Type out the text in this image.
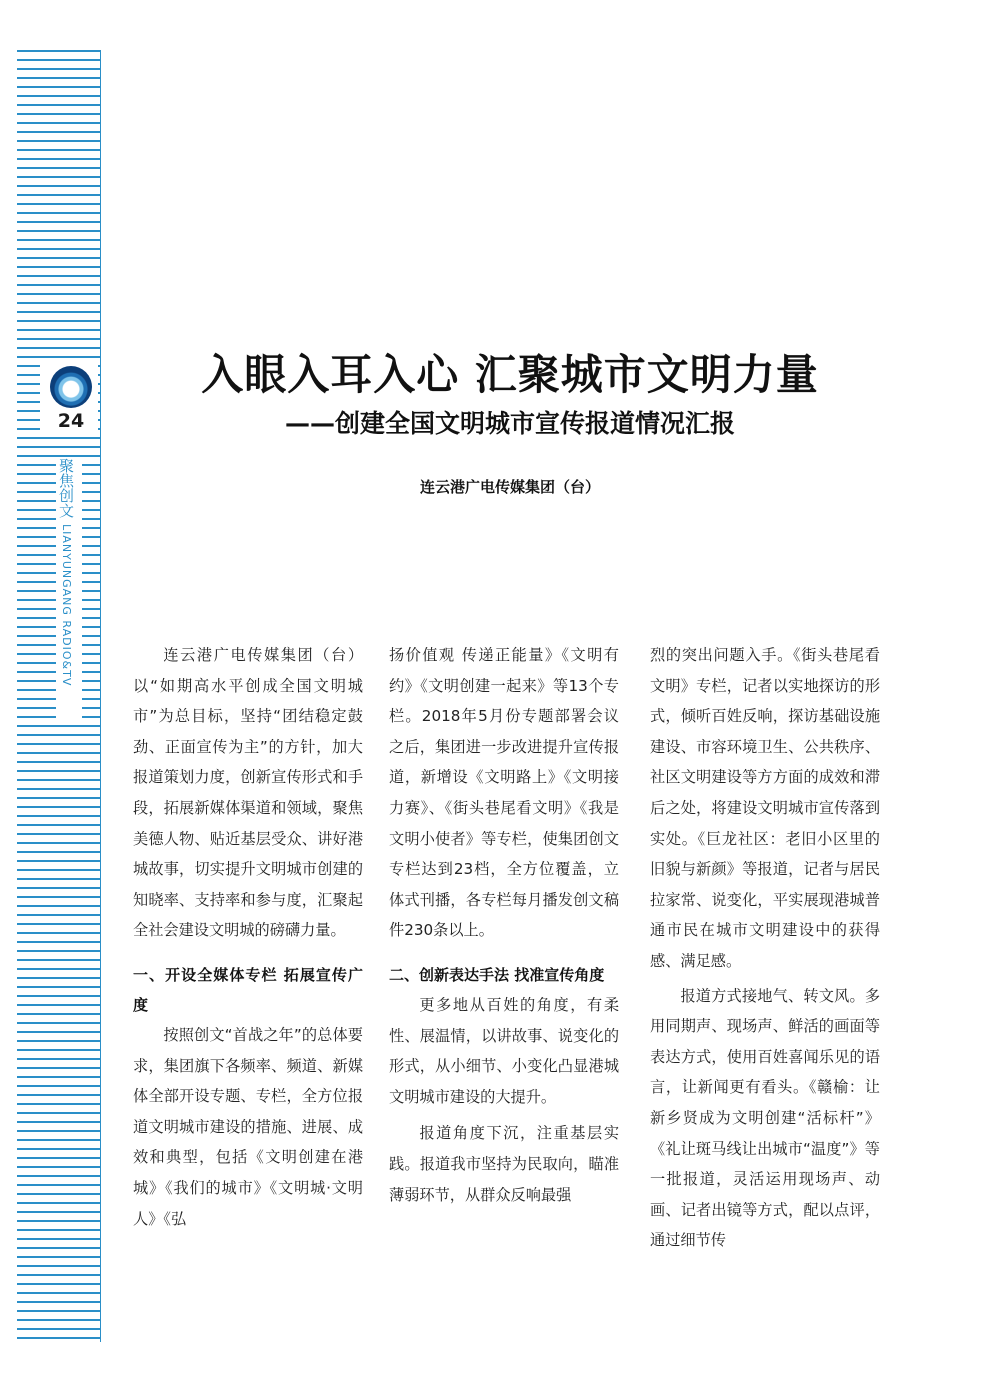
24
聚焦创文
LIANYUNGANG RADIO&TV
入眼入耳入心 汇聚城市文明力量
——创建全国文明城市宣传报道情况汇报
连云港广电传媒集团（台）

连云港广电传媒集团（台）以“如期高水平创成全国文明城市”为总目标，坚持“团结稳定鼓劲、正面宣传为主”的方针，加大报道策划力度，创新宣传形式和手段，拓展新媒体渠道和领域，聚焦美德人物、贴近基层受众、讲好港城故事，切实提升文明城市创建的知晓率、支持率和参与度，汇聚起全社会建设文明城的磅礴力量。

一、开设全媒体专栏 拓展宣传广度

按照创文“首战之年”的总体要求，集团旗下各频率、频道、新媒体全部开设专题、专栏，全方位报道文明城市建设的措施、进展、成效和典型，包括《文明创建在港城》《我们的城市》《文明城·文明人》《弘

扬价值观 传递正能量》《文明有约》《文明创建一起来》等13个专栏。2018年5月份专题部署会议之后，集团进一步改进提升宣传报道，新增设《文明路上》《文明接力赛》、《街头巷尾看文明》《我是文明小使者》等专栏，使集团创文专栏达到23档，全方位覆盖，立体式刊播，各专栏每月播发创文稿件230条以上。

二、创新表达手法 找准宣传角度

更多地从百姓的角度，有柔性、展温情，以讲故事、说变化的形式，从小细节、小变化凸显港城文明城市建设的大提升。

报道角度下沉，注重基层实践。报道我市坚持为民取向，瞄准薄弱环节，从群众反响最强

烈的突出问题入手。《街头巷尾看文明》专栏，记者以实地探访的形式，倾听百姓反响，探访基础设施建设、市容环境卫生、公共秩序、社区文明建设等方方面的成效和滞后之处，将建设文明城市宣传落到实处。《巨龙社区：老旧小区里的旧貌与新颜》等报道，记者与居民拉家常、说变化，平实展现港城普通市民在城市文明建设中的获得感、满足感。

报道方式接地气、转文风。多用同期声、现场声、鲜活的画面等表达方式，使用百姓喜闻乐见的语言，让新闻更有看头。《赣榆：让新乡贤成为文明创建“活标杆”》《礼让斑马线让出城市“温度”》等一批报道，灵活运用现场声、动画、记者出镜等方式，配以点评，通过细节传
